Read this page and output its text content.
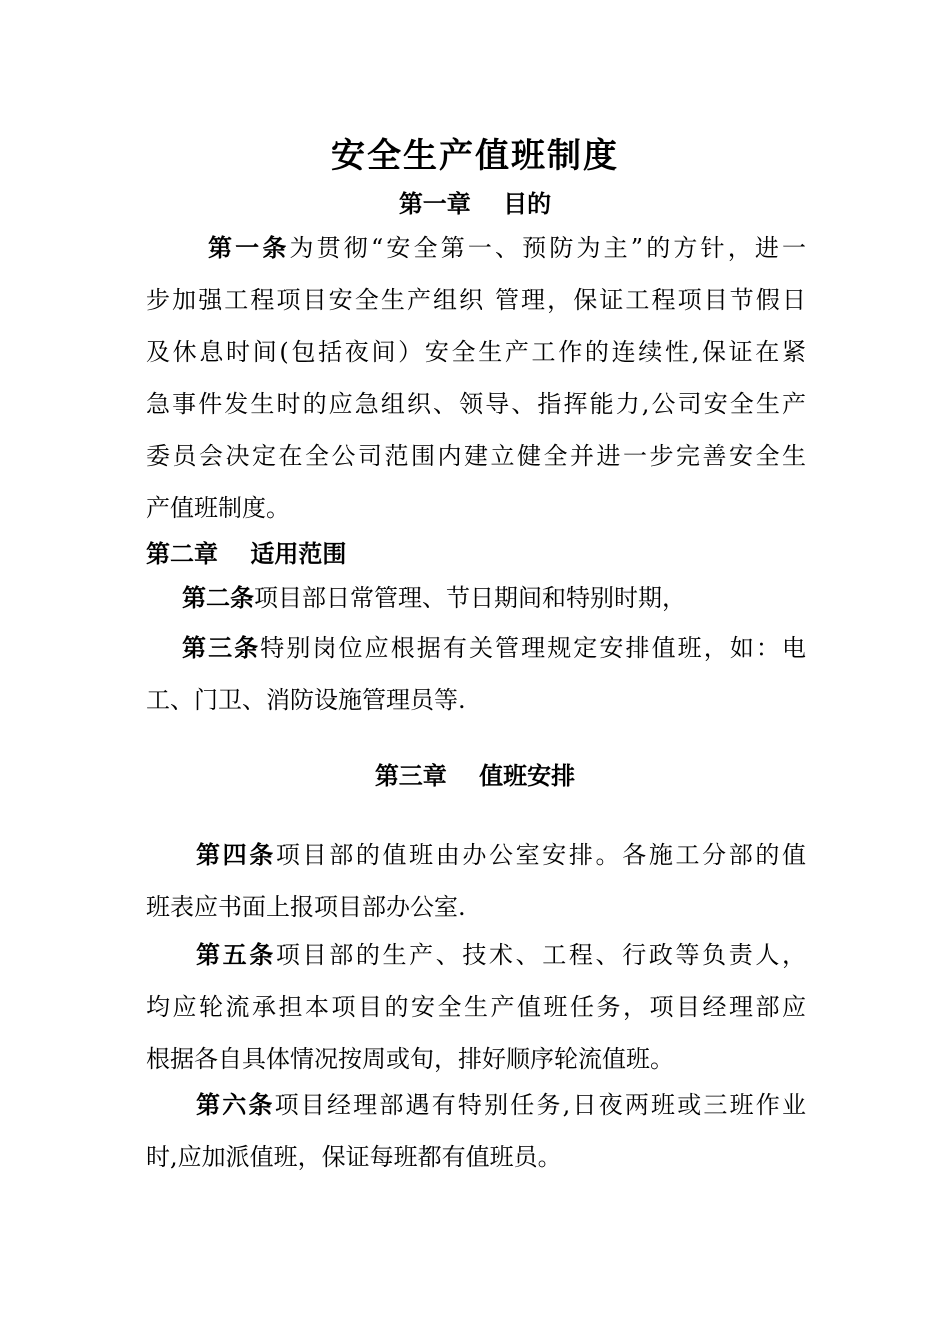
安全生产值班制度
第一章　 目的
第一条为贯彻“安全第一、预防为主”的方针，进一
步加强工程项目安全生产组织 管理，保证工程项目节假日
及休息时间(包括夜间）安全生产工作的连续性,保证在紧
急事件发生时的应急组织、领导、指挥能力,公司安全生产
委员会决定在全公司范围内建立健全并进一步完善安全生
产值班制度。
第二章　 适用范围
第二条项目部日常管理、节日期间和特别时期，
第三条特别岗位应根据有关管理规定安排值班，如：电
工、门卫、消防设施管理员等.
第三章　 值班安排
第四条项目部的值班由办公室安排。各施工分部的值
班表应书面上报项目部办公室.
第五条项目部的生产、技术、工程、行政等负责人，
均应轮流承担本项目的安全生产值班任务，项目经理部应
根据各自具体情况按周或旬，排好顺序轮流值班。
第六条项目经理部遇有特别任务,日夜两班或三班作业
时,应加派值班，保证每班都有值班员。
